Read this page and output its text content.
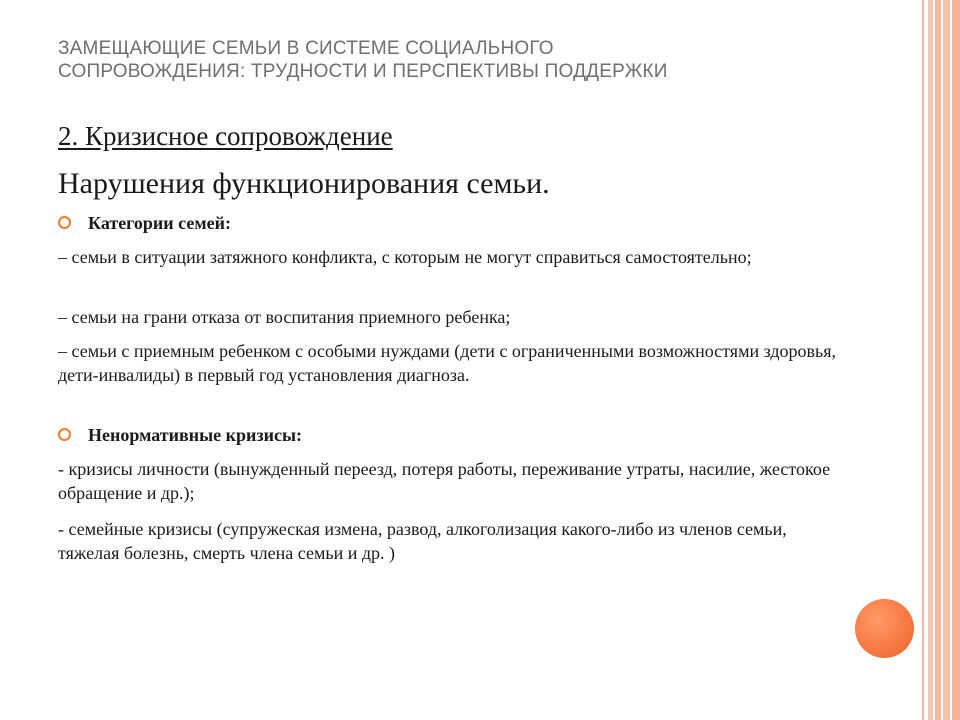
ЗАМЕЩАЮЩИЕ СЕМЬИ В СИСТЕМЕ СОЦИАЛЬНОГО
СОПРОВОЖДЕНИЯ: ТРУДНОСТИ И ПЕРСПЕКТИВЫ ПОДДЕРЖКИ
2. Кризисное сопровождение
Нарушения функционирования семьи.
Категории семей:
– семьи в ситуации затяжного конфликта, с которым не могут справиться самостоятельно;
– семьи на грани отказа от воспитания приемного ребенка;
– семьи с приемным ребенком с особыми нуждами (дети с ограниченными возможностями здоровья, дети-инвалиды) в первый год установления диагноза.
Ненормативные кризисы:
- кризисы личности (вынужденный переезд, потеря работы, переживание утраты, насилие, жестокое обращение и др.);
- семейные кризисы (супружеская измена, развод, алкоголизация какого-либо из членов семьи, тяжелая болезнь, смерть члена семьи и др. )
